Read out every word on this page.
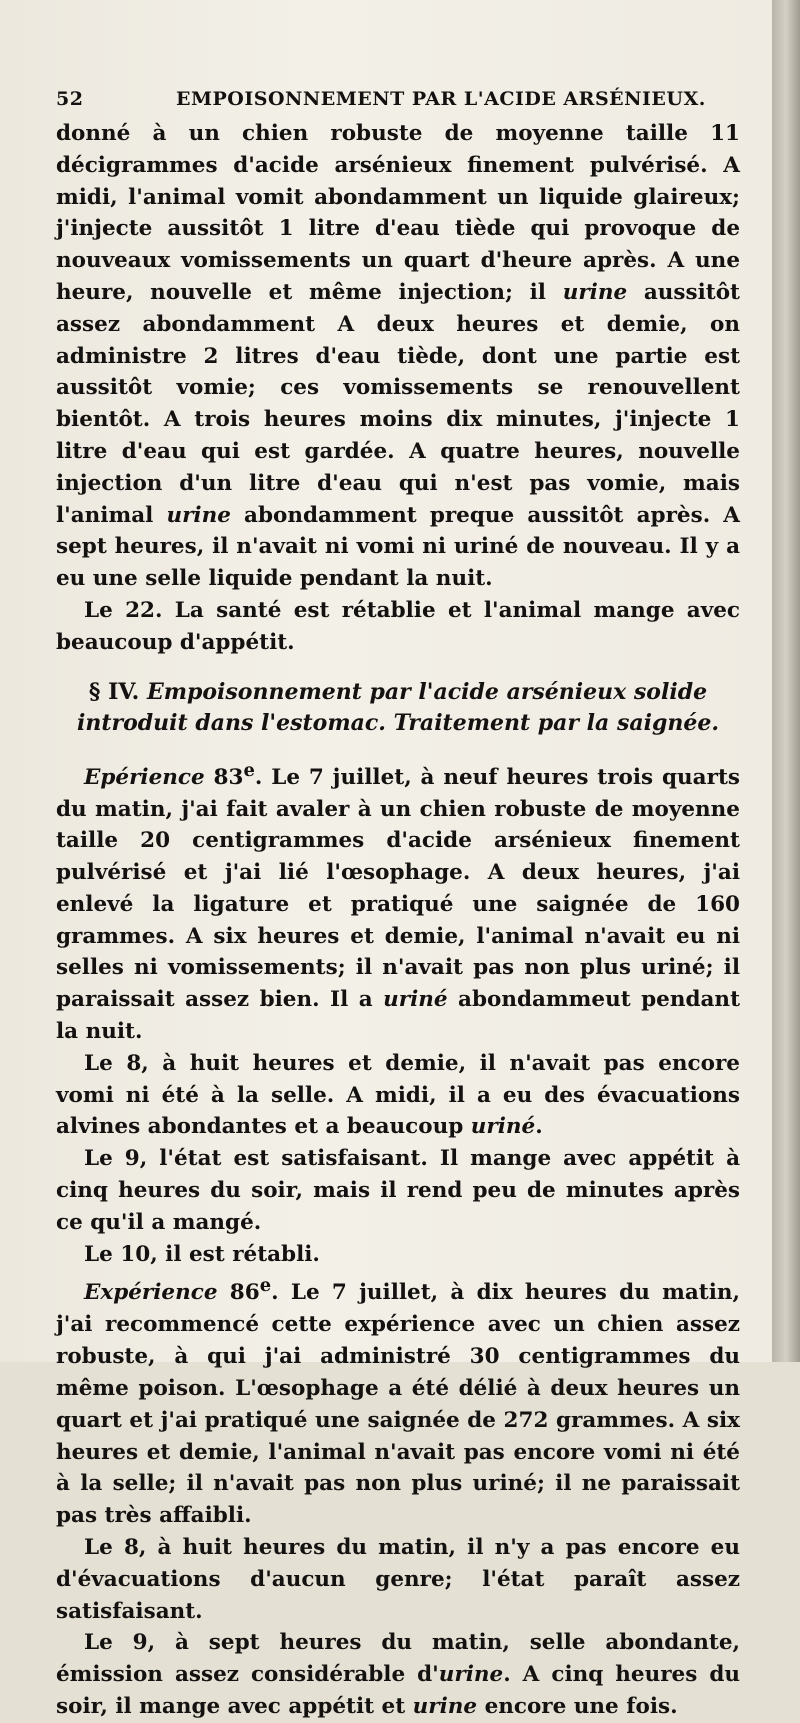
52	EMPOISONNEMENT PAR L'ACIDE ARSÉNIEUX.

donné à un chien robuste de moyenne taille 11 décigrammes d'acide arsénieux finement pulvérisé. A midi, l'animal vomit abondamment un liquide glaireux; j'injecte aussitôt 1 litre d'eau tiède qui provoque de nouveaux vomissements un quart d'heure après. A une heure, nouvelle et même injection; il urine aussitôt assez abondamment A deux heures et demie, on administre 2 litres d'eau tiède, dont une partie est aussitôt vomie; ces vomissements se renouvellent bientôt. A trois heures moins dix minutes, j'injecte 1 litre d'eau qui est gardée. A quatre heures, nouvelle injection d'un litre d'eau qui n'est pas vomie, mais l'animal urine abondamment preque aussitôt après. A sept heures, il n'avait ni vomi ni uriné de nouveau. Il y a eu une selle liquide pendant la nuit.

Le 22. La santé est rétablie et l'animal mange avec beaucoup d'appétit.

§ IV. Empoisonnement par l'acide arsénieux solide introduit dans l'estomac. Traitement par la saignée.

Epérience 83e. Le 7 juillet, à neuf heures trois quarts du matin, j'ai fait avaler à un chien robuste de moyenne taille 20 centigrammes d'acide arsénieux finement pulvérisé et j'ai lié l'œsophage. A deux heures, j'ai enlevé la ligature et pratiqué une saignée de 160 grammes. A six heures et demie, l'animal n'avait eu ni selles ni vomissements; il n'avait pas non plus uriné; il paraissait assez bien. Il a uriné abondammeut pendant la nuit.

Le 8, à huit heures et demie, il n'avait pas encore vomi ni été à la selle. A midi, il a eu des évacuations alvines abondantes et a beaucoup uriné.

Le 9, l'état est satisfaisant. Il mange avec appétit à cinq heures du soir, mais il rend peu de minutes après ce qu'il a mangé.

Le 10, il est rétabli.

Expérience 86e. Le 7 juillet, à dix heures du matin, j'ai recommencé cette expérience avec un chien assez robuste, à qui j'ai administré 30 centigrammes du même poison. L'œsophage a été délié à deux heures un quart et j'ai pratiqué une saignée de 272 grammes. A six heures et demie, l'animal n'avait pas encore vomi ni été à la selle; il n'avait pas non plus uriné; il ne paraissait pas très affaibli.

Le 8, à huit heures du matin, il n'y a pas encore eu d'évacuations d'aucun genre; l'état paraît assez satisfaisant.

Le 9, à sept heures du matin, selle abondante, émission assez considérable d'urine. A cinq heures du soir, il mange avec appétit et urine encore une fois.
